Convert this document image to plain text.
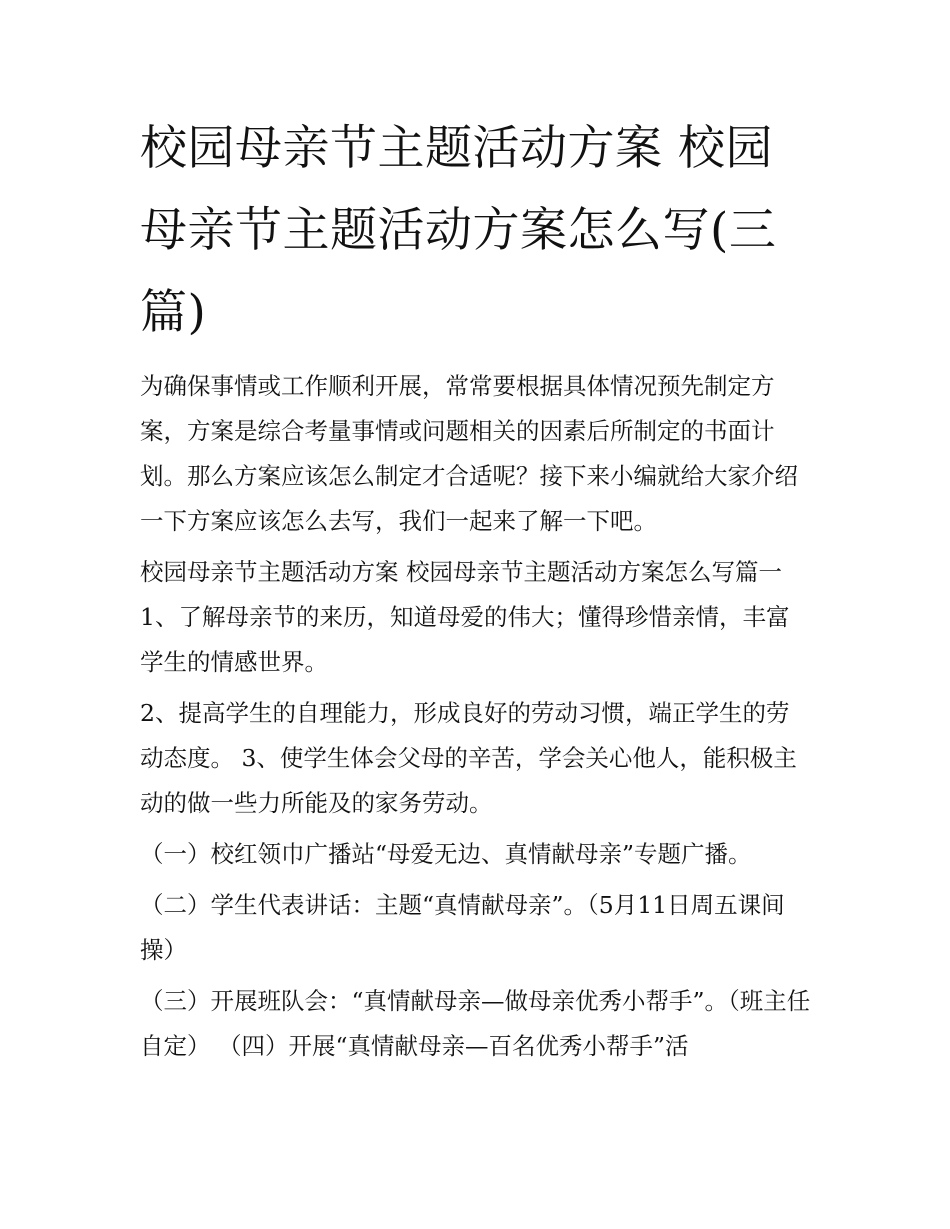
校园母亲节主题活动方案 校园母亲节主题活动方案怎么写(三篇)

为确保事情或工作顺利开展，常常要根据具体情况预先制定方案，方案是综合考量事情或问题相关的因素后所制定的书面计划。那么方案应该怎么制定才合适呢？接下来小编就给大家介绍一下方案应该怎么去写，我们一起来了解一下吧。

校园母亲节主题活动方案 校园母亲节主题活动方案怎么写篇一 1、了解母亲节的来历，知道母爱的伟大；懂得珍惜亲情，丰富学生的情感世界。

2、提高学生的自理能力，形成良好的劳动习惯，端正学生的劳动态度。 3、使学生体会父母的辛苦，学会关心他人，能积极主动的做一些力所能及的家务劳动。

（一）校红领巾广播站“母爱无边、真情献母亲”专题广播。

（二）学生代表讲话：主题“真情献母亲”。（5月11日周五课间操）

（三）开展班队会：“真情献母亲—做母亲优秀小帮手”。（班主任自定） （四）开展“真情献母亲—百名优秀小帮手”活
